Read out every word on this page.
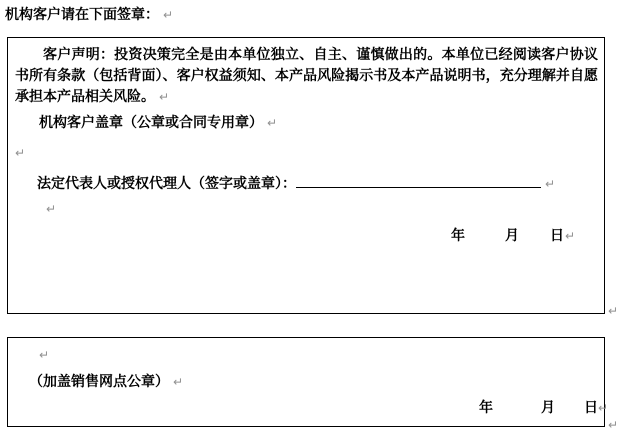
机构客户请在下面签章： ↵

客户声明：投资决策完全是由本单位独立、自主、谨慎做出的。本单位已经阅读客户协议书所有条款（包括背面）、客户权益须知、本产品风险揭示书及本产品说明书，充分理解并自愿承担本产品相关风险。 ↵

机构客户盖章（公章或合同专用章） ↵
↵
法定代表人或授权代理人（签字或盖章）：	↵
↵
年	月 日 ↵
↵
↵
（加盖销售网点公章） ↵
年	月 日 ↵
↵
